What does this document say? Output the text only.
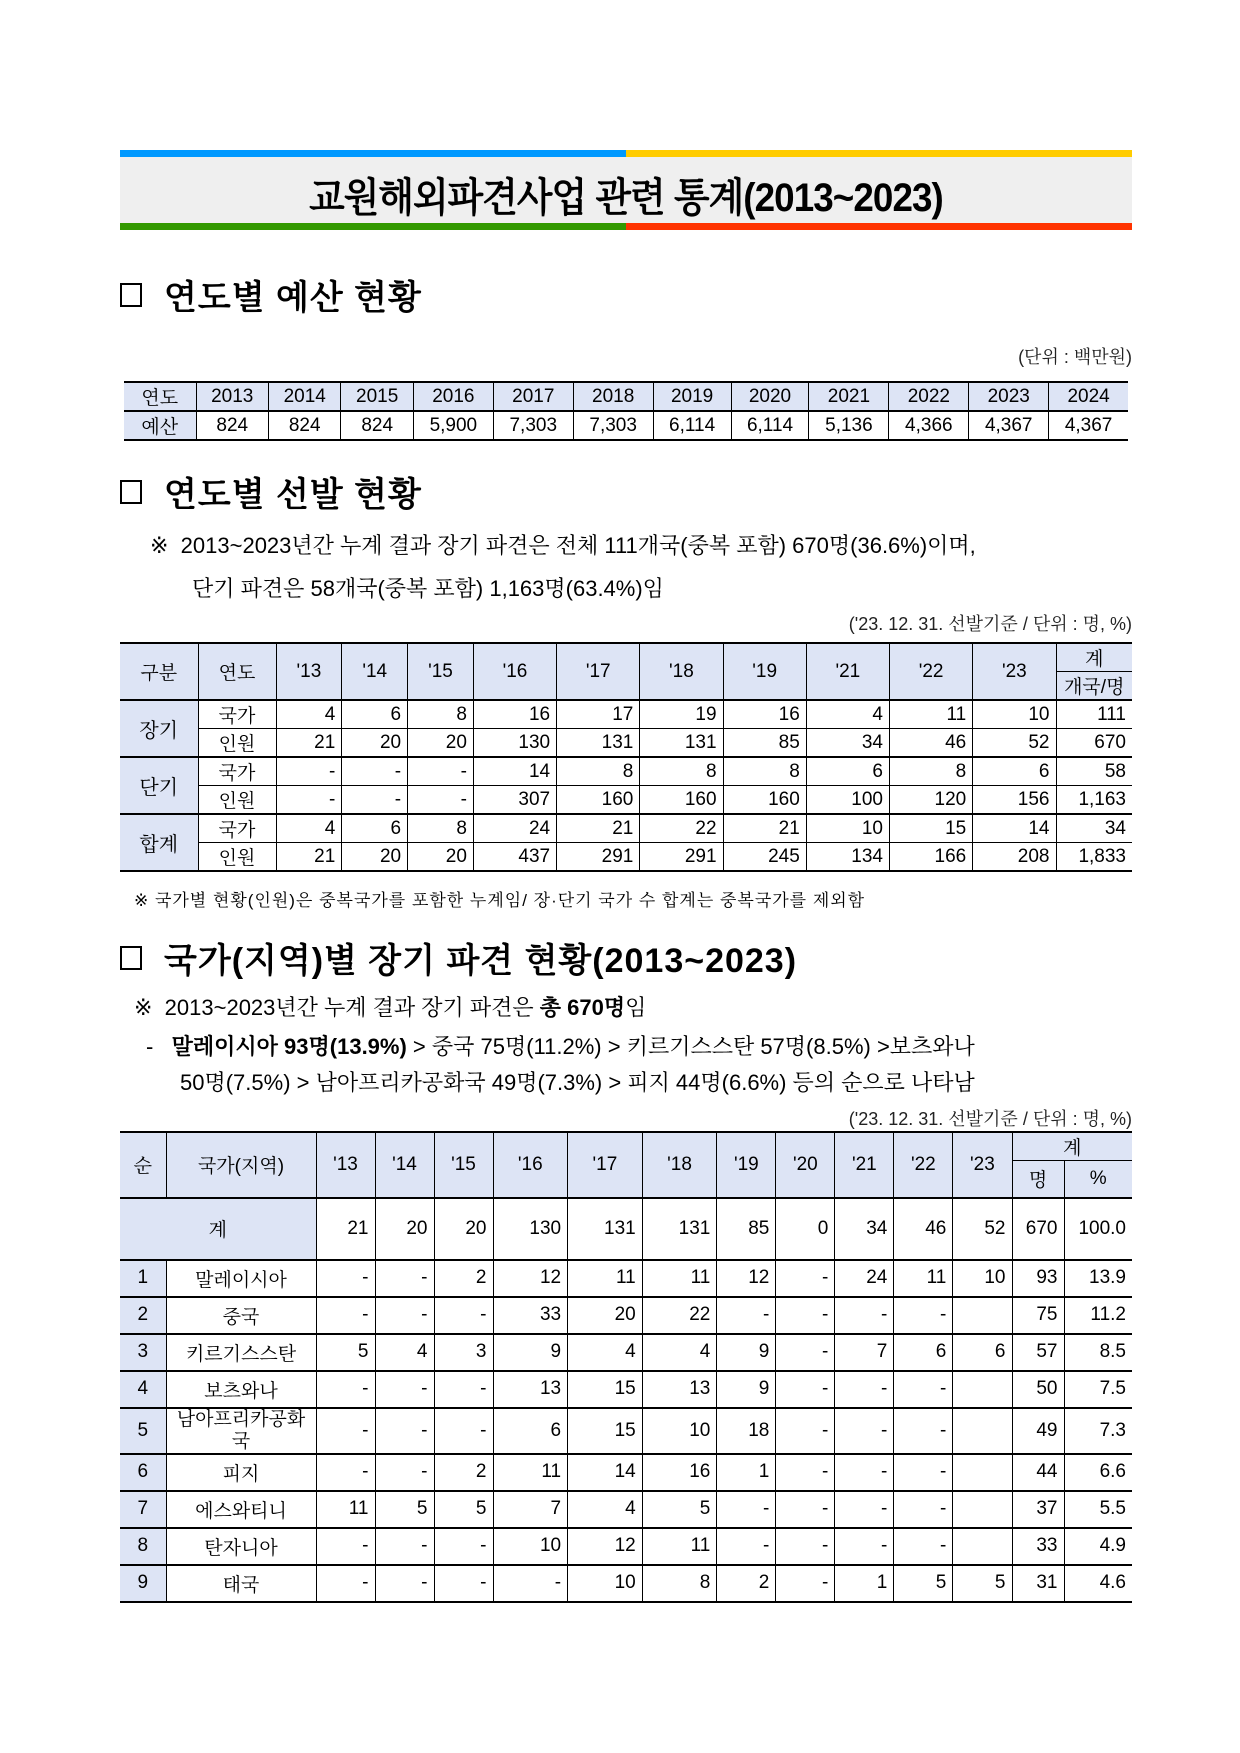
교원해외파견사업 관련 통계(2013~2023)
연도별 예산 현황
(단위 : 백만원)
연도	2013	2014	2015	2016	2017	2018	2019	2020	2021	2022	2023	2024
예산	824	824	824	5,900	7,303	7,303	6,114	6,114	5,136	4,366	4,367	4,367
연도별 선발 현황
※ 2013~2023년간 누계 결과 장기 파견은 전체 111개국(중복 포함) 670명(36.6%)이며,
단기 파견은 58개국(중복 포함) 1,163명(63.4%)임
('23. 12. 31. 선발기준 / 단위 : 명, %)
구분	연도	'13	'14	'15	'16	'17	'18	'19	'21	'22	'23	계
												개국/명
장기	국가	4	6	8	16	17	19	16	4	11	10	111
	인원	21	20	20	130	131	131	85	34	46	52	670
단기	국가	-	-	-	14	8	8	8	6	8	6	58
	인원	-	-	-	307	160	160	160	100	120	156	1,163
합계	국가	4	6	8	24	21	22	21	10	15	14	34
	인원	21	20	20	437	291	291	245	134	166	208	1,833
※ 국가별 현황(인원)은 중복국가를 포함한 누계임/ 장·단기 국가 수 합계는 중복국가를 제외함
국가(지역)별 장기 파견 현황(2013~2023)
※ 2013~2023년간 누계 결과 장기 파견은 총 670명임
- 말레이시아 93명(13.9%) > 중국 75명(11.2%) > 키르기스스탄 57명(8.5%) >보츠와나
50명(7.5%) > 남아프리카공화국 49명(7.3%) > 피지 44명(6.6%) 등의 순으로 나타남
('23. 12. 31. 선발기준 / 단위 : 명, %)
순	국가(지역)	'13	'14	'15	'16	'17	'18	'19	'20	'21	'22	'23	계	
													명	%
계		21	20	20	130	131	131	85	0	34	46	52	670	100.0
1	말레이시아	-	-	2	12	11	11	12	-	24	11	10	93	13.9
2	중국	-	-	-	33	20	22	-	-	-	-		75	11.2
3	키르기스스탄	5	4	3	9	4	4	9	-	7	6	6	57	8.5
4	보츠와나	-	-	-	13	15	13	9	-	-	-		50	7.5
5	남아프리카공화국	-	-	-	6	15	10	18	-	-	-		49	7.3
6	피지	-	-	2	11	14	16	1	-	-	-		44	6.6
7	에스와티니	11	5	5	7	4	5	-	-	-	-		37	5.5
8	탄자니아	-	-	-	10	12	11	-	-	-	-		33	4.9
9	태국	-	-	-	-	10	8	2	-	1	5	5	31	4.6
